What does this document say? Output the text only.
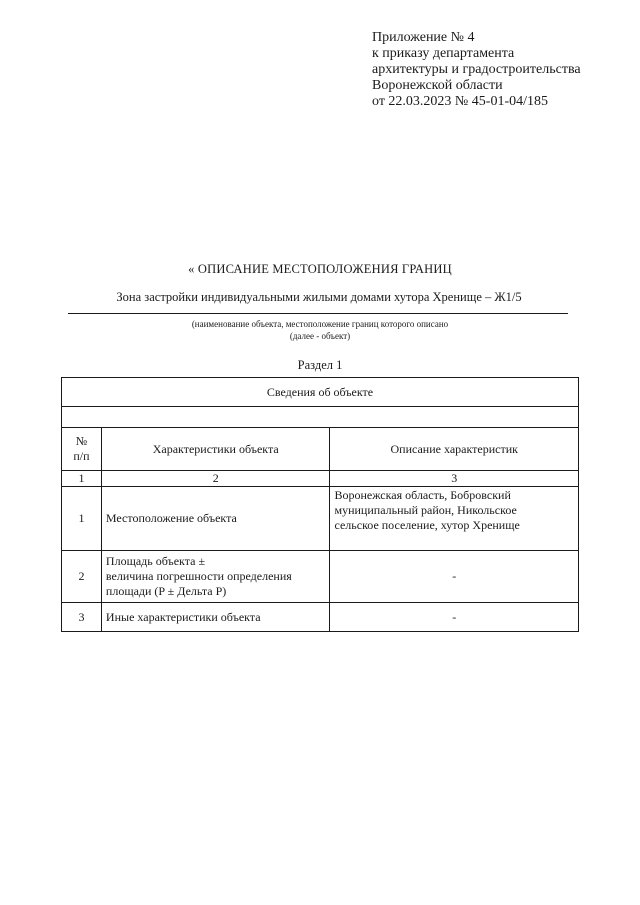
Приложение № 4
к приказу департамента
архитектуры и градостроительства
Воронежской области
от 22.03.2023 № 45-01-04/185
« ОПИСАНИЕ МЕСТОПОЛОЖЕНИЯ ГРАНИЦ
Зона застройки индивидуальными жилыми домами хутора Хренище – Ж1/5
(наименование объекта, местоположение границ которого описано
(далее - объект)
Раздел 1
Сведения об объекте		

№
п/п	Характеристики объекта	Описание характеристик
1	2	3
1	Местоположение объекта	Воронежская область, Бобровский
муниципальный район, Никольское
сельское поселение, хутор Хренище

2	Площадь объекта ±
величина погрешности определения
площади (P ± Дельта P)	-
3	Иные характеристики объекта	-
